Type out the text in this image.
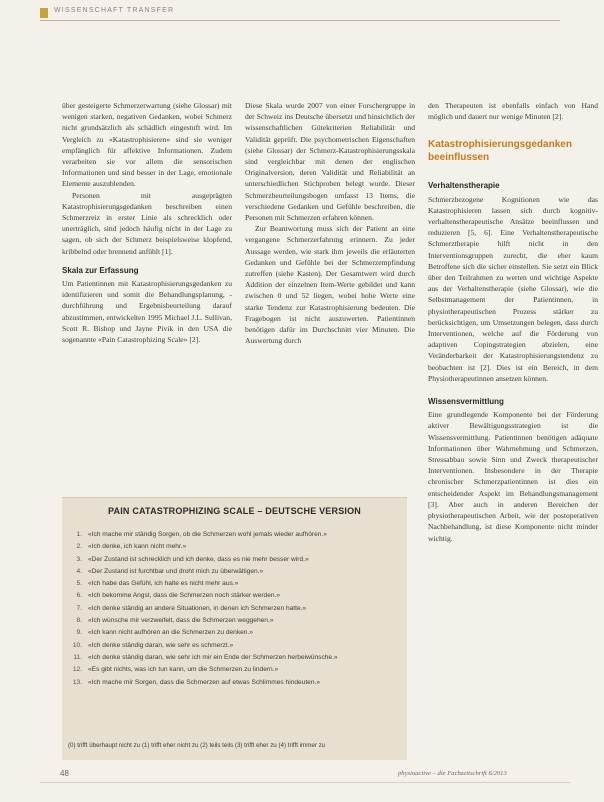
WISSENSCHAFT TRANSFER

über gesteigerte Schmerzerwartung (siehe Glossar) mit wenigen starken, negativen Gedanken, wobei Schmerz nicht grundsätzlich als schädlich eingestuft wird. Im Vergleich zu «Katastrophisieren» sind sie weniger empfänglich für affektive Informationen. Zudem verarbeiten sie vor allem die sensorischen Informationen und sind besser in der Lage, emotionale Elemente auszublenden.

Personen mit ausgeprägten Katastrophisierungsgedanken beschreiben einen Schmerzreiz in erster Linie als schrecklich oder unerträglich, sind jedoch häufig nicht in der Lage zu sagen, ob sich der Schmerz beispielsweise klopfend, kribbelnd oder brennend anfühlt [1].

Skala zur Erfassung

Um Patientinnen mit Katastrophisierungsgedanken zu identifizieren und somit die Behandlungsplanung, -durchführung und Ergebnisbeurteilung darauf abzustimmen, entwickelten 1995 Michael J.L. Sullivan, Scott R. Bishop und Jayne Pivik in den USA die sogenannte «Pain Catastrophizing Scale» [2].

Diese Skala wurde 2007 von einer Forschergruppe in der Schweiz ins Deutsche übersetzt und hinsichtlich der wissenschaftlichen Gütekriterien Reliabilität und Validität geprüft. Die psychometrischen Eigenschaften (siehe Glossar) der Schmerz-Katastrophisierungsskala sind vergleichbar mit denen der englischen Originalversion, deren Validität und Reliabilität an unterschiedlichen Stichproben belegt wurde. Dieser Schmerzbeurteilungsbogen umfasst 13 Items, die verschiedene Gedanken und Gefühle beschreiben, die Personen mit Schmerzen erfahren können.

Zur Beantwortung muss sich der Patient an eine vergangene Schmerzerfahrung erinnern. Zu jeder Aussage werden, wie stark ihm jeweils die erläuterten Gedanken und Gefühle bei der Schmerzempfindung zutreffen (siehe Kasten). Der Gesamtwert wird durch Addition der einzelnen Item-Werte gebildet und kann zwischen 0 und 52 liegen, wobei hohe Werte eine starke Tendenz zur Katastrophisierung bedeuten. Die Fragebogen ist nicht auszuwerten. Patientinnen benötigen dafür im Durchschnitt vier Minuten. Die Auswertung durch

den Therapeuten ist ebenfalls einfach von Hand möglich und dauert nur wenige Minuten [2].

Katastrophisierungsgedanken beeinflussen
Verhaltenstherapie

Schmerzbezogene Kognitionen wie das Katastrophisieren lassen sich durch kognitiv-verhaltenstherapeutische Ansätze beeinflussen und reduzieren [5, 6]. Eine Verhaltenstherapeutische Schmerztherapie hilft nicht in den Interventionsgruppen zurecht, die eher kaum Betroffene sich die sicher einstellen. Sie setzt ein Blick über den Teilrahmen zu werten und wichtige Aspekte aus der Verhaltenstherapie (siehe Glossar), wie die Selbstmanagement der Patientinnen, in physiotherapeutischen Prozess stärker zu berücksichtigen, um Umsetzungen belegen, dass durch Interventionen, welche auf die Förderung von adaptiven Copingstrategien abzielen, eine Veränderbarkeit der Katastrophisierungstendenz zu beobachten ist [2]. Dies ist ein Bereich, in dem Physiotherapeutinnen ansetzen können.

Wissensvermittlung

Eine grundlegende Komponente bei der Förderung aktiver Bewältigungsstrategien ist die Wissensvermittlung. Patientinnen benötigen adäquate Informationen über Wahrnehmung und Schmerzen, Stressabbau sowie Sinn und Zweck therapeutischer Interventionen. Insbesondere in der Therapie chronischer Schmerzpatientinnen ist dies ein entscheidender Aspekt im Behandlungsmanagement [3]. Aber auch in anderen Bereichen der physiotherapeutischen Arbeit, wie der postoperativen Nachbehandlung, ist diese Komponente nicht minder wichtig.

PAIN CATASTROPHIZING SCALE – DEUTSCHE VERSION
1. «Ich mache mir ständig Sorgen, ob die Schmerzen wohl jemals wieder aufhören.»
2. «Ich denke, ich kann nicht mehr.»
3. «Der Zustand ist schrecklich und ich denke, dass es nie mehr besser wird.»
4. «Der Zustand ist furchtbar und droht mich zu überwältigen.»
5. «Ich habe das Gefühl, ich halte es nicht mehr aus.»
6. «Ich bekomme Angst, dass die Schmerzen noch stärker werden.»
7. «Ich denke ständig an andere Situationen, in denen ich Schmerzen hatte.»
8. «Ich wünsche mir verzweifelt, dass die Schmerzen weggehen.»
9. «Ich kann nicht aufhören an die Schmerzen zu denken.»
10. «Ich denke ständig daran, wie sehr es schmerzt.»
11. «Ich denke ständig daran, wie sehr ich mir ein Ende der Schmerzen herbeiwünsche.»
12. «Es gibt nichts, was ich tun kann, um die Schmerzen zu lindern.»
13. «Ich mache mir Sorgen, dass die Schmerzen auf etwas Schlimmes hindeuten.»
(0) trifft überhaupt nicht zu (1) trifft eher nicht zu (2) teils teils (3) trifft eher zu (4) trifft immer zu
48	physioactive – die Fachzeitschrift 6/2013
